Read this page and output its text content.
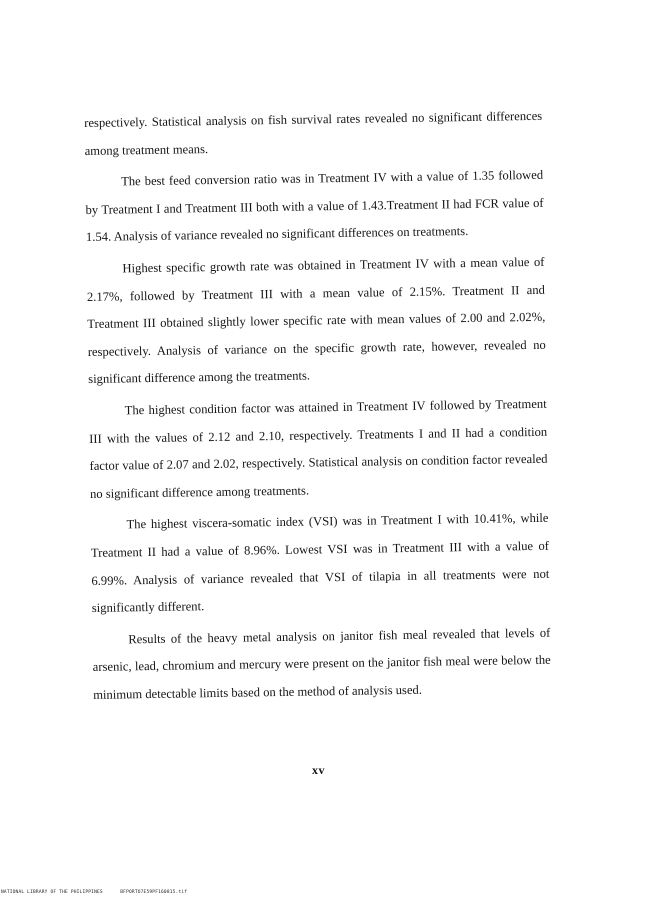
respectively. Statistical analysis on fish survival rates revealed no significant differences among treatment means.

The best feed conversion ratio was in Treatment IV with a value of 1.35 followed by Treatment I and Treatment III both with a value of 1.43.Treatment II had FCR value of 1.54. Analysis of variance revealed no significant differences on treatments.

Highest specific growth rate was obtained in Treatment IV with a mean value of 2.17%, followed by Treatment III with a mean value of 2.15%. Treatment II and Treatment III obtained slightly lower specific rate with mean values of 2.00 and 2.02%, respectively. Analysis of variance on the specific growth rate, however, revealed no significant difference among the treatments.

The highest condition factor was attained in Treatment IV followed by Treatment III with the values of 2.12 and 2.10, respectively. Treatments I and II had a condition factor value of 2.07 and 2.02, respectively. Statistical analysis on condition factor revealed no significant difference among treatments.

The highest viscera-somatic index (VSI) was in Treatment I with 10.41%, while Treatment II had a value of 8.96%. Lowest VSI was in Treatment III with a value of 6.99%. Analysis of variance revealed that VSI of tilapia in all treatments were not significantly different.

Results of the heavy metal analysis on janitor fish meal revealed that levels of arsenic, lead, chromium and mercury were present on the janitor fish meal were below the minimum detectable limits based on the method of analysis used.

xv
NATIONAL LIBRARY OF THE PHILIPPINES      BFPORTO7E59PF160815.tif
